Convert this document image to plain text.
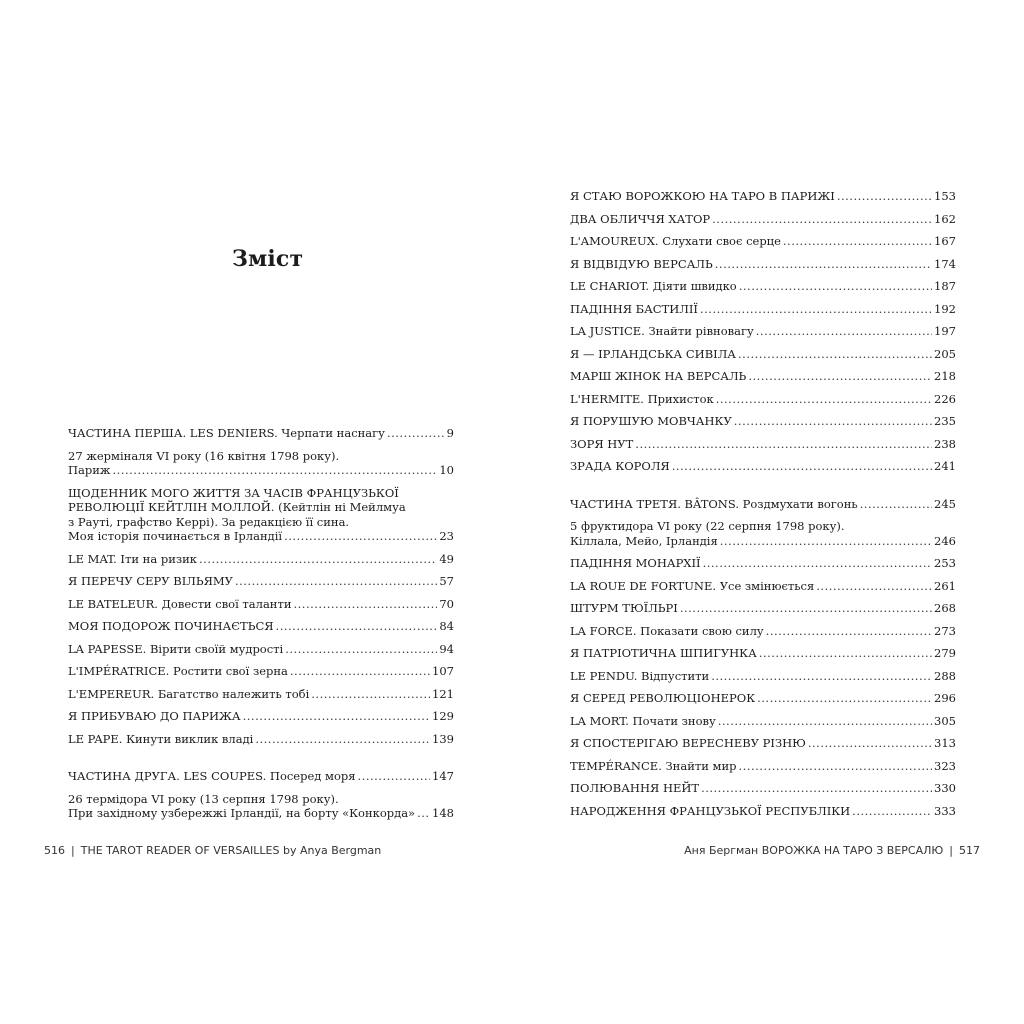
Зміст
ЧАСТИНА ПЕРША. LES DENIERS. Черпати наснагу .....	9
27 жерміналя VI року (16 квітня 1798 року).
Париж .....	10
ЩОДЕННИК МОГО ЖИТТЯ ЗА ЧАСІВ ФРАНЦУЗЬКОЇ
РЕВОЛЮЦІЇ КЕЙТЛІН МОЛЛОЙ. (Кейтлін ні Мейлмуа
з Рауті, графство Керрі). За редакцією її сина.
Моя історія починається в Ірландії .....	23
LE MAT. Іти на ризик .....	49
Я ПЕРЕЧУ СЕРУ ВІЛЬЯМУ .....	57
LE BATELEUR. Довести свої таланти .....	70
МОЯ ПОДОРОЖ ПОЧИНАЄТЬСЯ .....	84
LA PAPESSE. Вірити своїй мудрості .....	94
L'IMPÉRATRICE. Ростити свої зерна .....	107
L'EMPEREUR. Багатство належить тобі .....	121
Я ПРИБУВАЮ ДО ПАРИЖА .....	129
LE PAPE. Кинути виклик владі .....	139
ЧАСТИНА ДРУГА. LES COUPES. Посеред моря .....	147
26 термідора VI року (13 серпня 1798 року).
При західному узбережжі Ірландії, на борту «Конкорда» ..... 148
Я СТАЮ ВОРОЖКОЮ НА ТАРО В ПАРИЖІ .....	153
ДВА ОБЛИЧЧЯ ХАТОР .....	162
L'AMOUREUX. Слухати своє серце .....	167
Я ВІДВІДУЮ ВЕРСАЛЬ .....	174
LE CHARIOT. Діяти швидко .....	187
ПАДІННЯ БАСТИЛІЇ .....	192
LA JUSTICE. Знайти рівновагу .....	197
Я — ІРЛАНДСЬКА СИВІЛА .....	205
МАРШ ЖІНОК НА ВЕРСАЛЬ .....	218
L'HERMITE. Прихисток .....	226
Я ПОРУШУЮ МОВЧАНКУ .....	235
ЗОРЯ НУТ .....	238
ЗРАДА КОРОЛЯ .....	241
ЧАСТИНА ТРЕТЯ. BÂTONS. Роздмухати вогонь .....	245
5 фруктидора VI року (22 серпня 1798 року).
Кіллала, Мейо, Ірландія .....	246
ПАДІННЯ МОНАРХІЇ .....	253
LA ROUE DE FORTUNE. Усе змінюється .....	261
ШТУРМ ТЮЇЛЬРІ .....	268
LA FORCE. Показати свою силу .....	273
Я ПАТРІОТИЧНА ШПИГУНКА .....	279
LE PENDU. Відпустити .....	288
Я СЕРЕД РЕВОЛЮЦІОНЕРОК .....	296
LA MORT. Почати знову .....	305
Я СПОСТЕРІГАЮ ВЕРЕСНЕВУ РІЗНЮ .....	313
TEMPÉRANCE. Знайти мир .....	323
ПОЛЮВАННЯ НЕЙТ .....	330
НАРОДЖЕННЯ ФРАНЦУЗЬКОЇ РЕСПУБЛІКИ .....	333
516 | THE TAROT READER OF VERSAILLES by Anya Bergman	Аня Бергман ВОРОЖКА НА ТАРО З ВЕРСАЛЮ | 517
